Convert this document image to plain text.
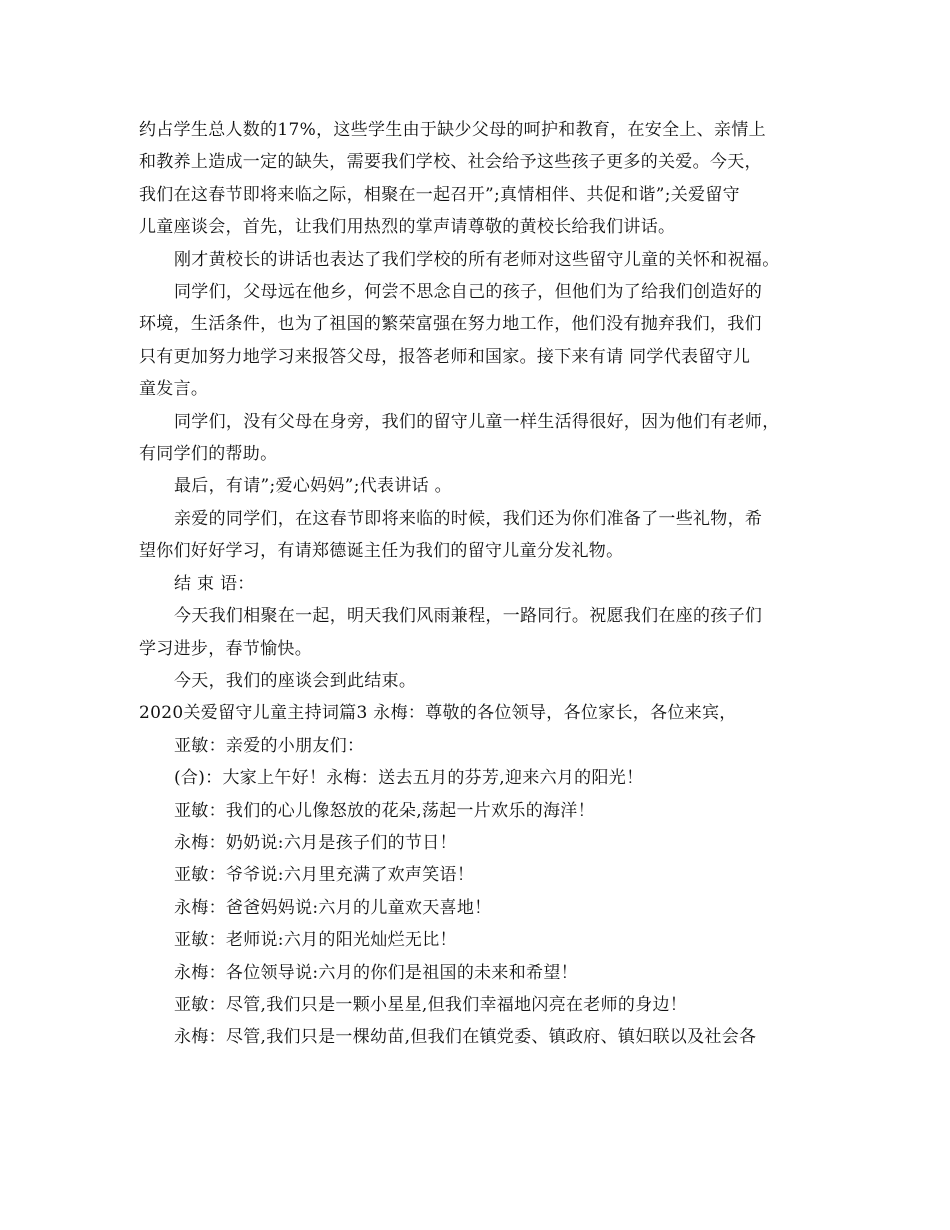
约占学生总人数的17%，这些学生由于缺少父母的呵护和教育，在安全上、亲情上
和教养上造成一定的缺失，需要我们学校、社会给予这些孩子更多的关爱。今天，
我们在这春节即将来临之际，相聚在一起召开”;真情相伴、共促和谐”;关爱留守
儿童座谈会，首先，让我们用热烈的掌声请尊敬的黄校长给我们讲话。

刚才黄校长的讲话也表达了我们学校的所有老师对这些留守儿童的关怀和祝福。

同学们，父母远在他乡，何尝不思念自己的孩子，但他们为了给我们创造好的

环境，生活条件，也为了祖国的繁荣富强在努力地工作，他们没有抛弃我们，我们
只有更加努力地学习来报答父母，报答老师和国家。接下来有请 同学代表留守儿
童发言。

同学们，没有父母在身旁，我们的留守儿童一样生活得很好，因为他们有老师，

有同学们的帮助。

最后，有请”;爱心妈妈”;代表讲话 。

亲爱的同学们，在这春节即将来临的时候，我们还为你们准备了一些礼物，希

望你们好好学习，有请郑德诞主任为我们的留守儿童分发礼物。

结 束 语：

今天我们相聚在一起，明天我们风雨兼程，一路同行。祝愿我们在座的孩子们

学习进步，春节愉快。

今天，我们的座谈会到此结束。

2020关爱留守儿童主持词篇3 永梅：尊敬的各位领导，各位家长，各位来宾，

亚敏：亲爱的小朋友们：

(合)：大家上午好！永梅：送去五月的芬芳,迎来六月的阳光！

亚敏：我们的心儿像怒放的花朵,荡起一片欢乐的海洋！

永梅：奶奶说:六月是孩子们的节日！

亚敏：爷爷说:六月里充满了欢声笑语！

永梅：爸爸妈妈说:六月的儿童欢天喜地！

亚敏：老师说:六月的阳光灿烂无比！

永梅：各位领导说:六月的你们是祖国的未来和希望！

亚敏：尽管,我们只是一颗小星星,但我们幸福地闪亮在老师的身边！

永梅：尽管,我们只是一棵幼苗,但我们在镇党委、镇政府、镇妇联以及社会各
